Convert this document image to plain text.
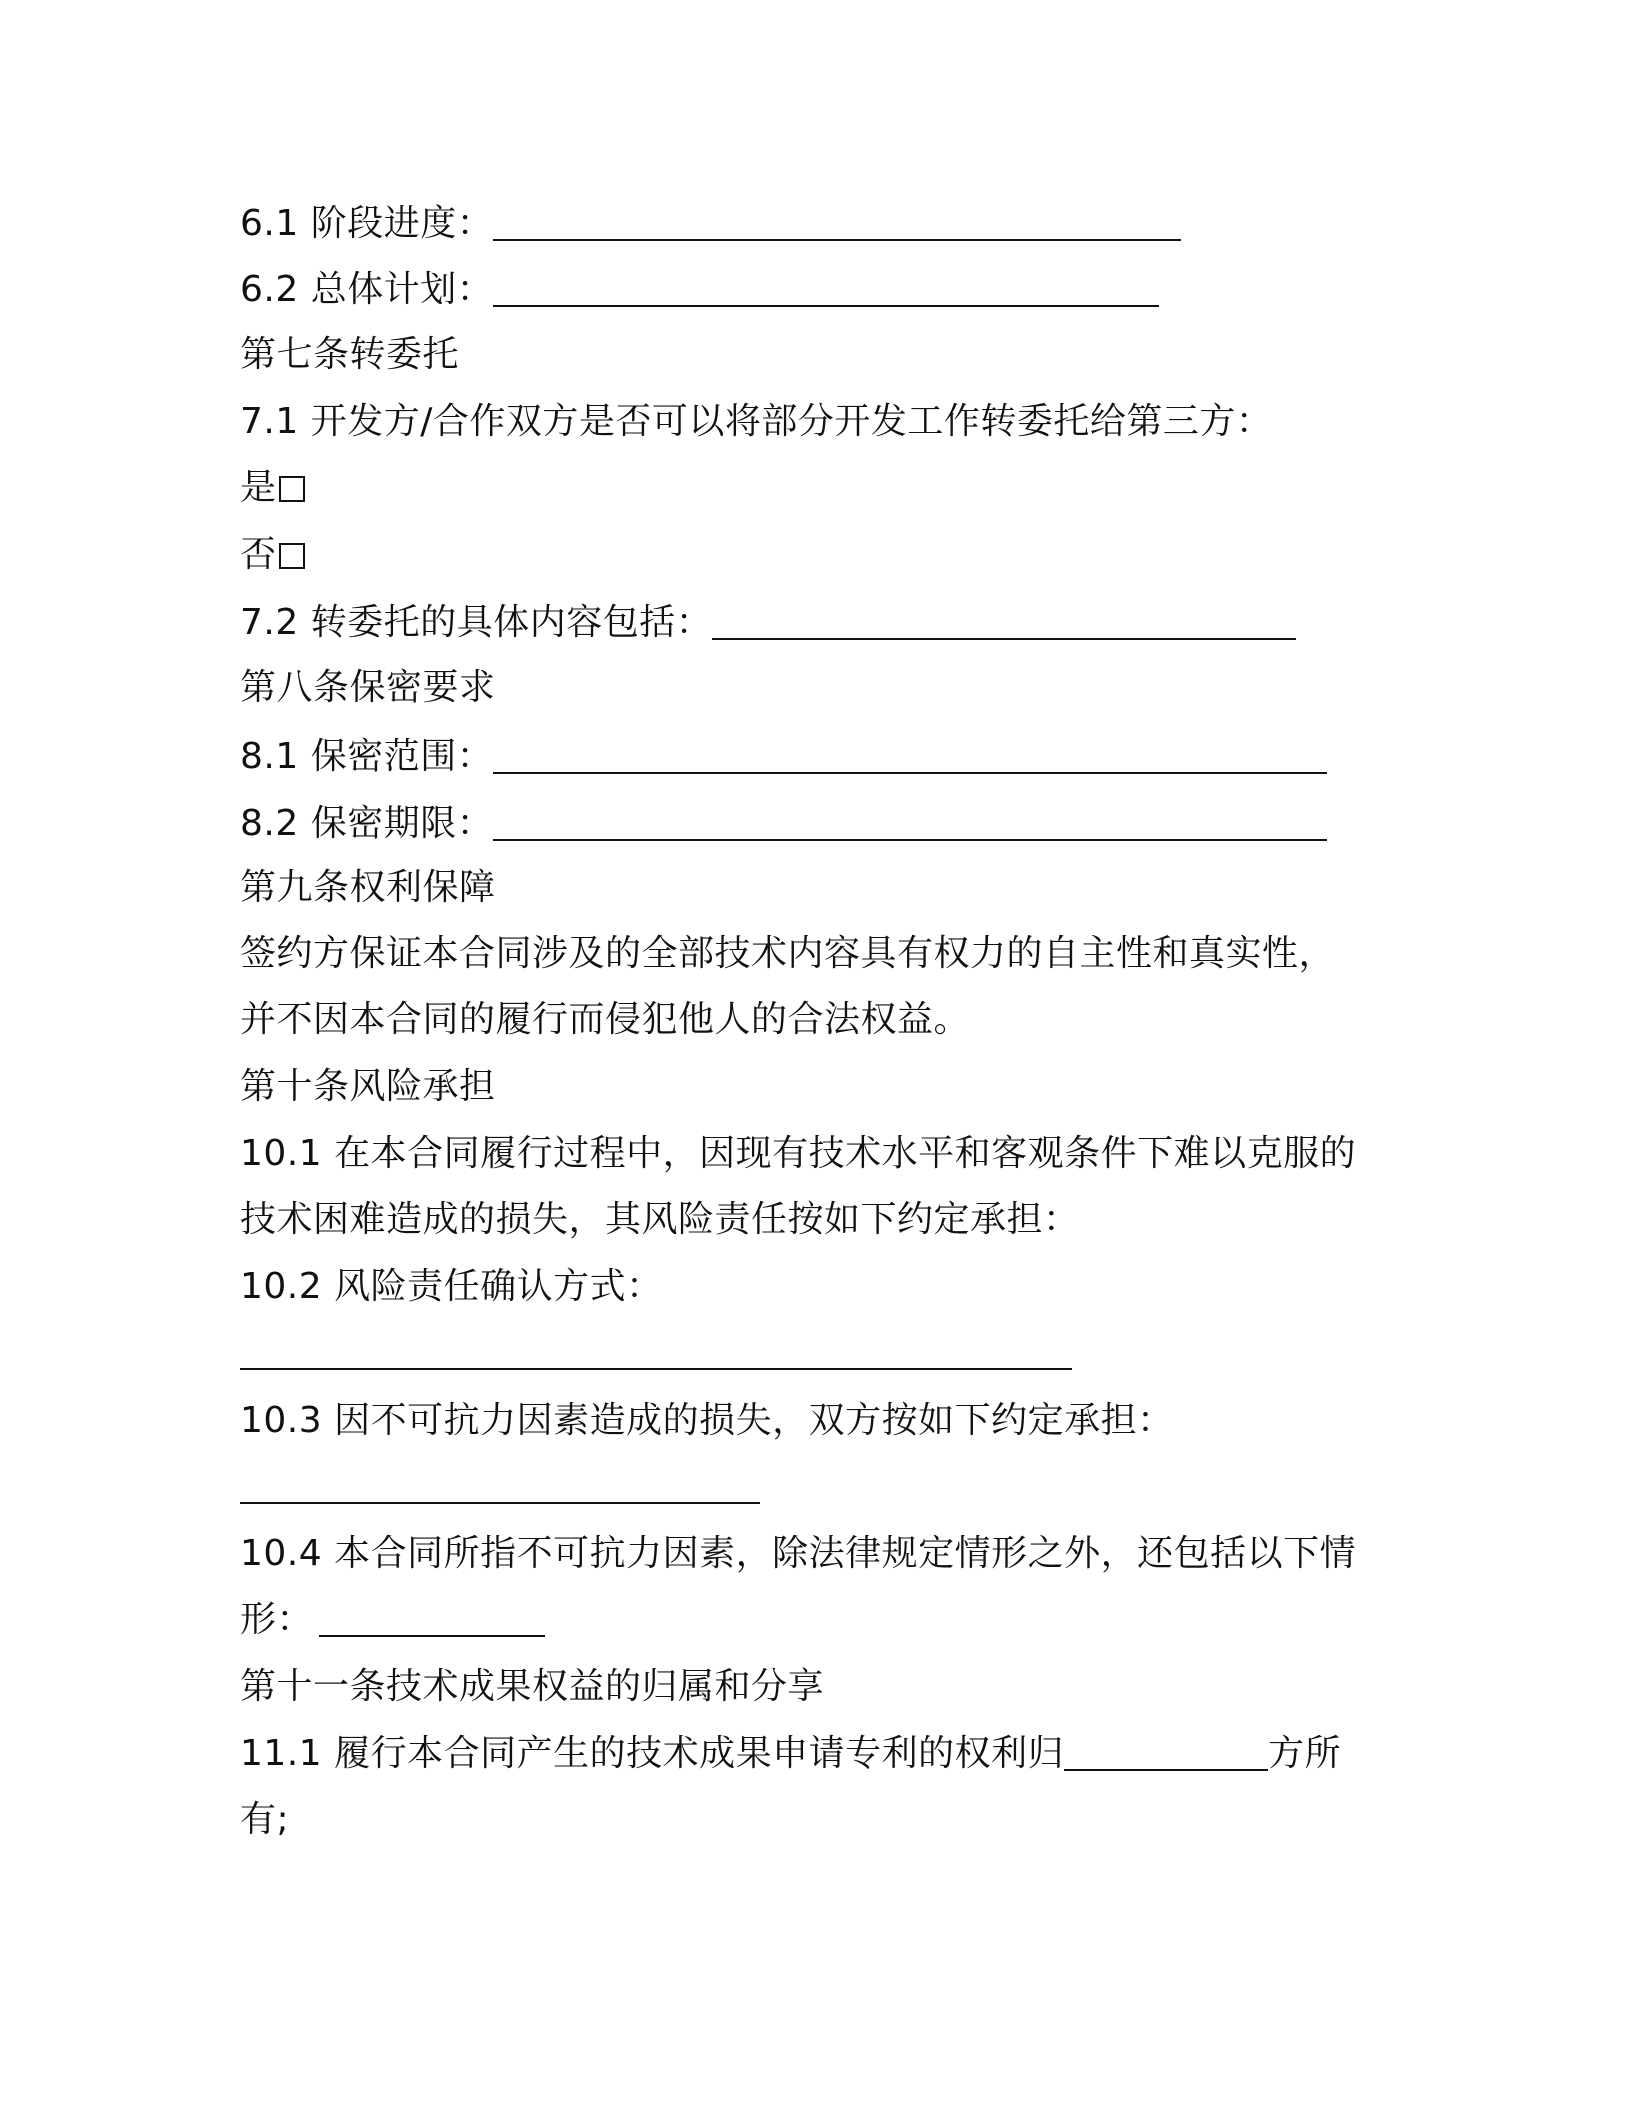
6.1 阶段进度：
6.2 总体计划：
第七条转委托
7.1 开发方/合作双方是否可以将部分开发工作转委托给第三方：
是
否
7.2 转委托的具体内容包括：
第八条保密要求
8.1 保密范围：
8.2 保密期限：
第九条权利保障
签约方保证本合同涉及的全部技术内容具有权力的自主性和真实性，
并不因本合同的履行而侵犯他人的合法权益。
第十条风险承担
10.1 在本合同履行过程中，因现有技术水平和客观条件下难以克服的
技术困难造成的损失，其风险责任按如下约定承担：
10.2 风险责任确认方式：
10.3 因不可抗力因素造成的损失，双方按如下约定承担：
10.4 本合同所指不可抗力因素，除法律规定情形之外，还包括以下情
形：
第十一条技术成果权益的归属和分享
11.1 履行本合同产生的技术成果申请专利的权利归	方所
有;
